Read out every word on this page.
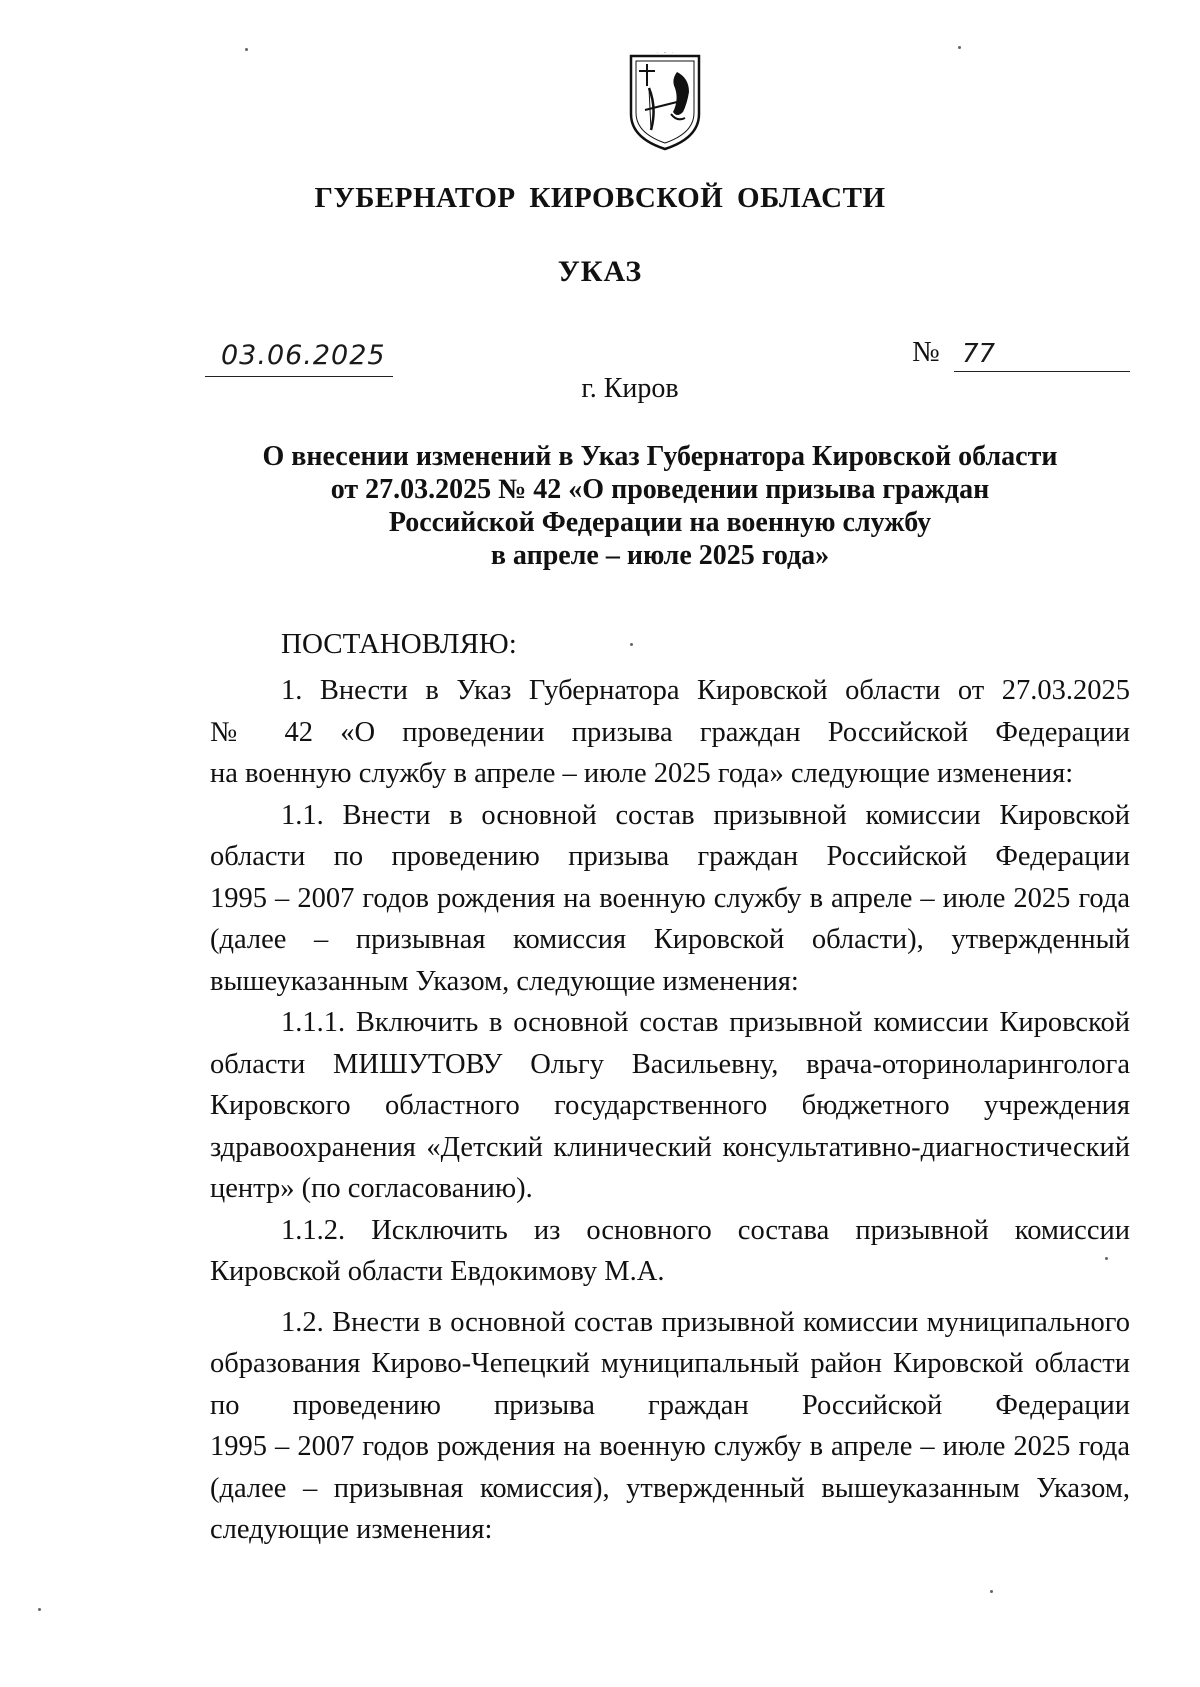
ГУБЕРНАТОР КИРОВСКОЙ ОБЛАСТИ
УКАЗ
03.06.2025	№ 77
г. Киров
О внесении изменений в Указ Губернатора Кировской области
от 27.03.2025 № 42 «О проведении призыва граждан
Российской Федерации на военную службу
в апреле – июле 2025 года»
ПОСТАНОВЛЯЮ:
1. Внести в Указ Губернатора Кировской области от 27.03.2025
№ 42 «О проведении призыва граждан Российской Федерации
на военную службу в апреле – июле 2025 года» следующие изменения:
1.1. Внести в основной состав призывной комиссии Кировской
области по проведению призыва граждан Российской Федерации
1995 – 2007 годов рождения на военную службу в апреле – июле 2025 года
(далее – призывная комиссия Кировской области), утвержденный
вышеуказанным Указом, следующие изменения:
1.1.1. Включить в основной состав призывной комиссии Кировской
области МИШУТОВУ Ольгу Васильевну, врача-оториноларинголога
Кировского областного государственного бюджетного учреждения
здравоохранения «Детский клинический консультативно-диагностический
центр» (по согласованию).
1.1.2. Исключить из основного состава призывной комиссии
Кировской области Евдокимову М.А.
1.2. Внести в основной состав призывной комиссии муниципального
образования Кирово-Чепецкий муниципальный район Кировской области
по проведению призыва граждан Российской Федерации
1995 – 2007 годов рождения на военную службу в апреле – июле 2025 года
(далее – призывная комиссия), утвержденный вышеуказанным Указом,
следующие изменения:
